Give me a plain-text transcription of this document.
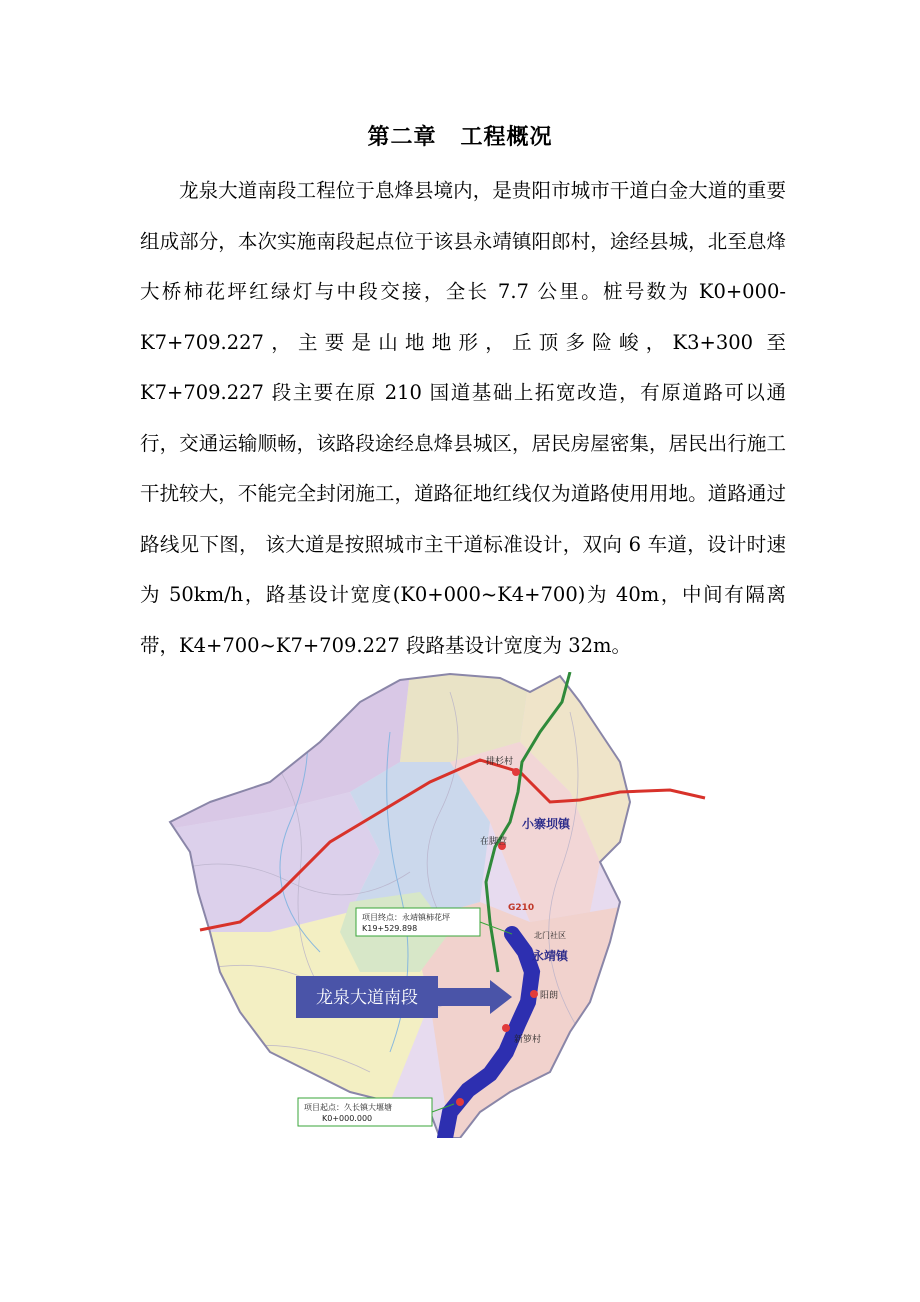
第二章 工程概况

龙泉大道南段工程位于息烽县境内，是贵阳市城市干道白金大道的重要组成部分，本次实施南段起点位于该县永靖镇阳郎村，途经县城，北至息烽大桥柿花坪红绿灯与中段交接，全长 7.7 公里。桩号数为 K0+000- K7+709.227，主要是山地地形，丘顶多险峻，K3+300 至 K7+709.227 段主要在原 210 国道基础上拓宽改造，有原道路可以通行，交通运输顺畅，该路段途经息烽县城区，居民房屋密集，居民出行施工干扰较大，不能完全封闭施工，道路征地红线仅为道路使用用地。道路通过路线见下图， 该大道是按照城市主干道标准设计，双向 6 车道，设计时速为 50km/h，路基设计宽度(K0+000~K4+700)为 40m，中间有隔离带，K4+700~K7+709.227 段路基设计宽度为 32m。

排杉村
小寨坝镇
在脚营
G210
北门社区
永靖镇
阳朗
新箩村
项目终点：永靖镇柿花坪
K19+529.898
龙泉大道南段
项目起点：久长镇大堰塘
K0+000.000
